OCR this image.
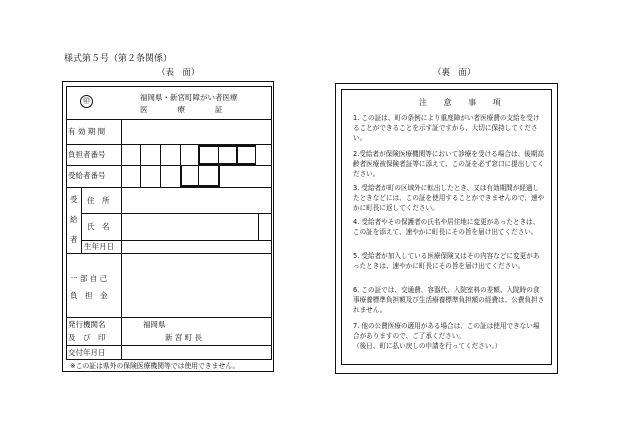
様式第５号（第２条関係）
（表　面）	（裏　面）
㊞	福岡県・新宮町障がい者医療
医　　　　療　　　　証
有 効 期 間
負担者番号
受給者番号
受
給
者
住　所
氏　名
生年月日
一 部 自 己
負　担　金
発行機関名
及　び　印
福岡県
新 宮 町 長
交付年月日
※この証は県外の保険医療機関等では使用できません。
注 意 事 項
1. この証は、町の条例により重度障がい者医療費の支給を受けることができることを示す証ですから、大切に保持してください。
2.受給者が保険医療機関等において診療を受ける場合は、後期高齢者医療被保険者証等に添えて、この証を必ず窓口に提出してください。
3. 受給者が町の区域外に転出したとき、又は有効期間が経過したときなどには、この証を使用することができませんので、速やかに町長に返してください。
4. 受給者やその保護者の氏名や居住地に変更があったときは、この証を添えて、速やかに町長にその旨を届け出てください。
5. 受給者が加入している医療保険又はその内容などに変更があったときは、速やかに町長にその旨を届け出てください。
6. この証では、交通費、容器代、入院室料の差額、入院時の食事療養標準負担額及び生活療養標準負担額の経費は、公費負担されません。
7. 他の公費医療の適用がある場合は、この証は使用できない場合がありますので、ご了承ください。
（後日、町に払い戻しの申請を行ってください。）
